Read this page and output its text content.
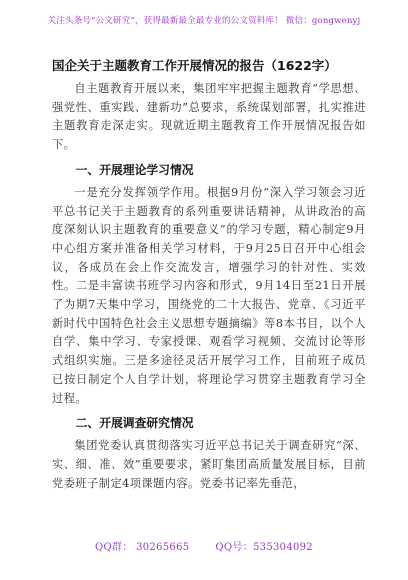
关注头条号“公文研究”，获得最新最全最专业的公文资料库！ 微信：gongwenyj
国企关于主题教育工作开展情况的报告（1622字）

自主题教育开展以来，集团牢牢把握主题教育“学思想、强党性、重实践、建新功”总要求，系统谋划部署，扎实推进主题教育走深走实。现就近期主题教育工作开展情况报告如下。

一、开展理论学习情况

一是充分发挥领学作用。根据9月份“深入学习领会习近平总书记关于主题教育的系列重要讲话精神，从讲政治的高度深刻认识主题教育的重要意义”的学习专题，精心制定9月中心组方案并准备相关学习材料，于9月25日召开中心组会议，各成员在会上作交流发言，增强学习的针对性、实效性。二是丰富读书班学习内容和形式，9月14日至21日开展了为期7天集中学习，围绕党的二十大报告、党章、《习近平新时代中国特色社会主义思想专题摘编》等8本书目，以个人自学、集中学习、专家授课、观看学习视频、交流讨论等形式组织实施。三是多途径灵活开展学习工作，目前班子成员已按日制定个人自学计划，将理论学习贯穿主题教育学习全过程。

二、开展调查研究情况

集团党委认真贯彻落实习近平总书记关于调查研究“深、实、细、准、效”重要要求，紧盯集团高质量发展目标，目前党委班子制定4项课题内容。党委书记率先垂范，

QQ群： 30265665	QQ号：535304092
